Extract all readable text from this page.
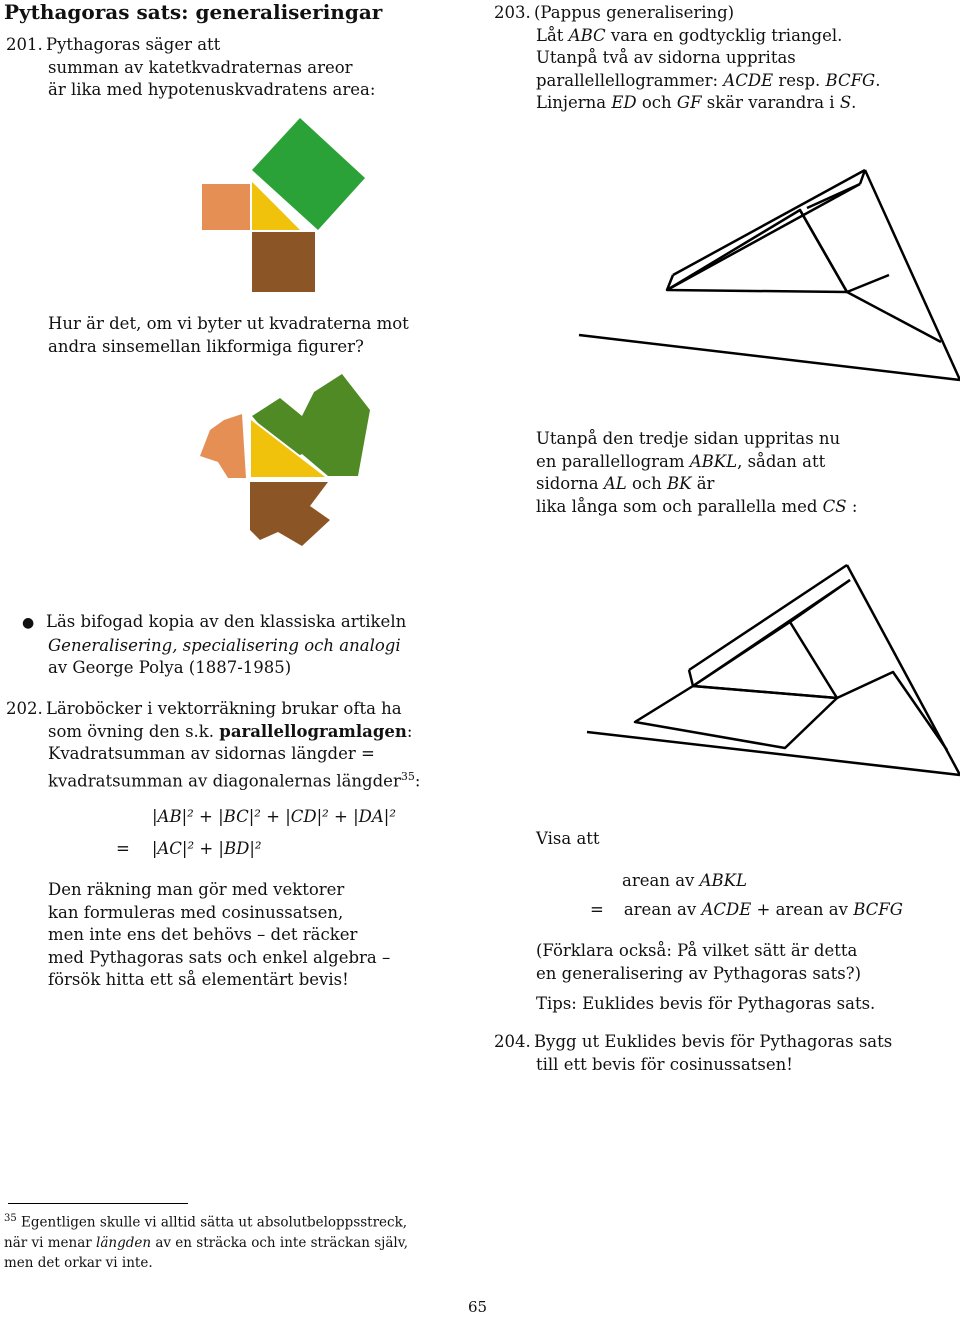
Pythagoras sats: generaliseringar
201. Pythagoras säger att
summan av katetkvadraternas areor
är lika med hypotenuskvadratens area:
Hur är det, om vi byter ut kvadraterna mot
andra sinsemellan likformiga figurer?
● Läs bifogad kopia av den klassiska artikeln
Generalisering, specialisering och analogi
av George Polya (1887-1985)
202. Läroböcker i vektorräkning brukar ofta ha
som övning den s.k. parallellogramlagen:
Kvadratsumman av sidornas längder =
kvadratsumman av diagonalernas längder$^{35}$:
|AB|² + |BC|² + |CD|² + |DA|²
= |AC|² + |BD|²
Den räkning man gör med vektorer
kan formuleras med cosinussatsen,
men inte ens det behövs – det räcker
med Pythagoras sats och enkel algebra –
försök hitta ett så elementärt bevis!
203. (Pappus generalisering)
Låt ABC vara en godtycklig triangel.
Utanpå två av sidorna uppritas
parallellellogrammer: ACDE resp. BCFG.
Linjerna ED och GF skär varandra i S.
Utanpå den tredje sidan uppritas nu
en parallellogram ABKL, sådan att
sidorna AL och BK är
lika långa som och parallella med CS :
Visa att
arean av ABKL
= arean av ACDE + arean av BCFG
(Förklara också: På vilket sätt är detta
en generalisering av Pythagoras sats?)
Tips: Euklides bevis för Pythagoras sats.
204. Bygg ut Euklides bevis för Pythagoras sats
till ett bevis för cosinussatsen!
$^{35}$ Egentligen skulle vi alltid sätta ut absolutbeloppsstreck,
när vi menar längden av en sträcka och inte sträckan själv,
men det orkar vi inte.
65
